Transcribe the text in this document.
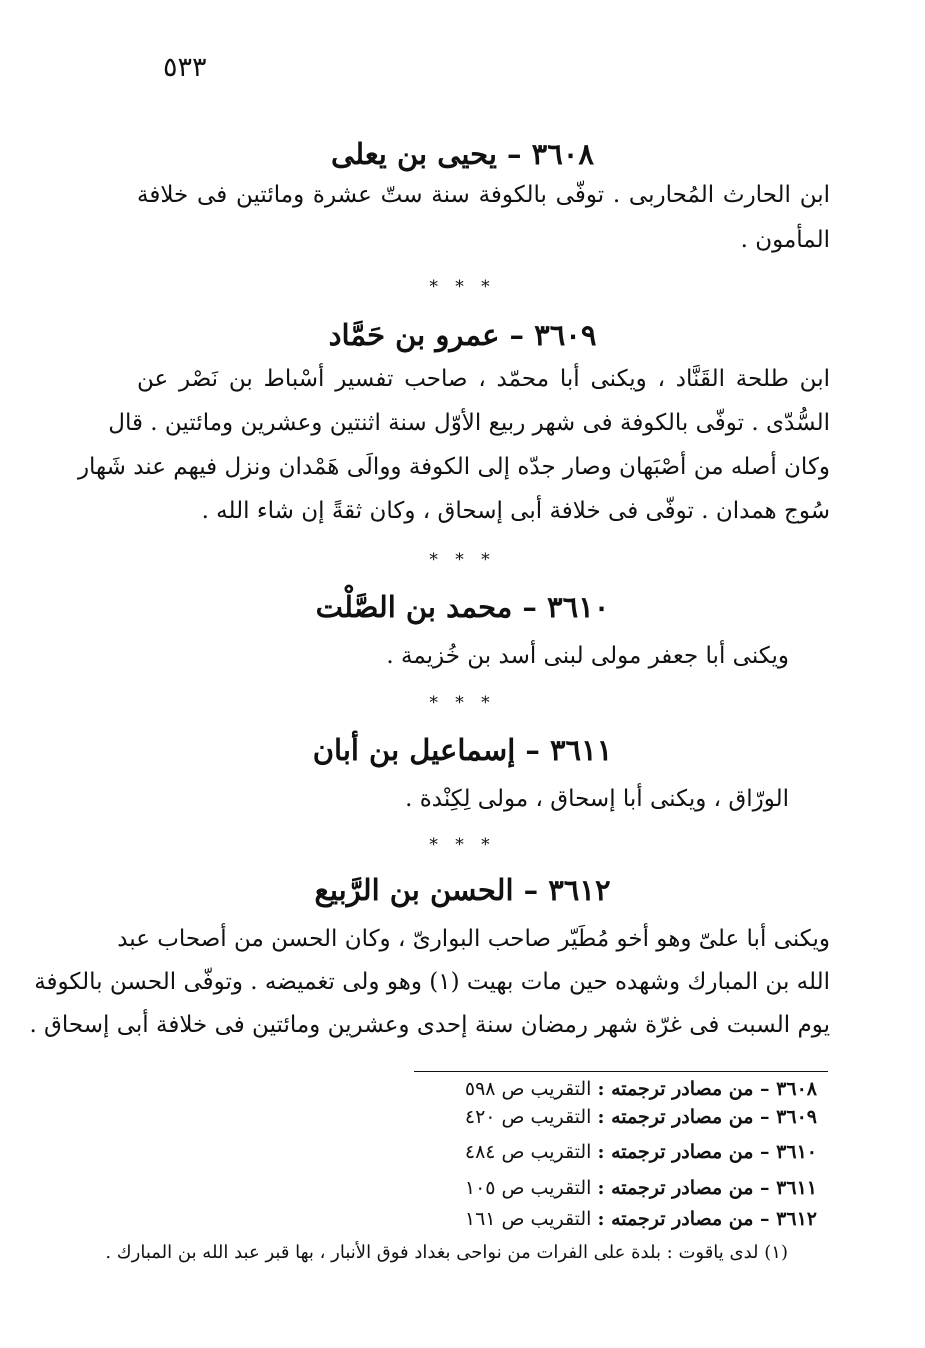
٥٣٣
٣٦٠٨ – يحيى بن يعلى
ابن الحارث المُحاربى . توفّى بالكوفة سنة ستّ عشرة ومائتين فى خلافة
المأمون .
* * *
٣٦٠٩ – عمرو بن حَمَّاد
ابن طلحة القَنَّاد ، ويكنى أبا محمّد ، صاحب تفسير أسْباط بن نَصْر عن
السُّدّى . توفّى بالكوفة فى شهر ربيع الأوّل سنة اثنتين وعشرين ومائتين . قال
وكان أصله من أصْبَهان وصار جدّه إلى الكوفة ووالَى هَمْدان ونزل فيهم عند شَهار
سُوج همدان . توفّى فى خلافة أبى إسحاق ، وكان ثقةً إن شاء الله .
* * *
٣٦١٠ – محمد بن الصَّلْت
ويكنى أبا جعفر مولى لبنى أسد بن خُزيمة .
* * *
٣٦١١ – إسماعيل بن أبان
الورّاق ، ويكنى أبا إسحاق ، مولى لِكِنْدة .
* * *
٣٦١٢ – الحسن بن الرَّبيع
ويكنى أبا علىّ وهو أخو مُطَيّر صاحب البوارىّ ، وكان الحسن من أصحاب عبد
الله بن المبارك وشهده حين مات بهيت (١) وهو ولى تغميضه . وتوفّى الحسن بالكوفة
يوم السبت فى غرّة شهر رمضان سنة إحدى وعشرين ومائتين فى خلافة أبى إسحاق .
٣٦٠٨ – من مصادر ترجمته : التقريب ص ٥٩٨
٣٦٠٩ – من مصادر ترجمته : التقريب ص ٤٢٠
٣٦١٠ – من مصادر ترجمته : التقريب ص ٤٨٤
٣٦١١ – من مصادر ترجمته : التقريب ص ١٠٥
٣٦١٢ – من مصادر ترجمته : التقريب ص ١٦١
(١) لدى ياقوت : بلدة على الفرات من نواحى بغداد فوق الأنبار ، بها قبر عبد الله بن المبارك .
